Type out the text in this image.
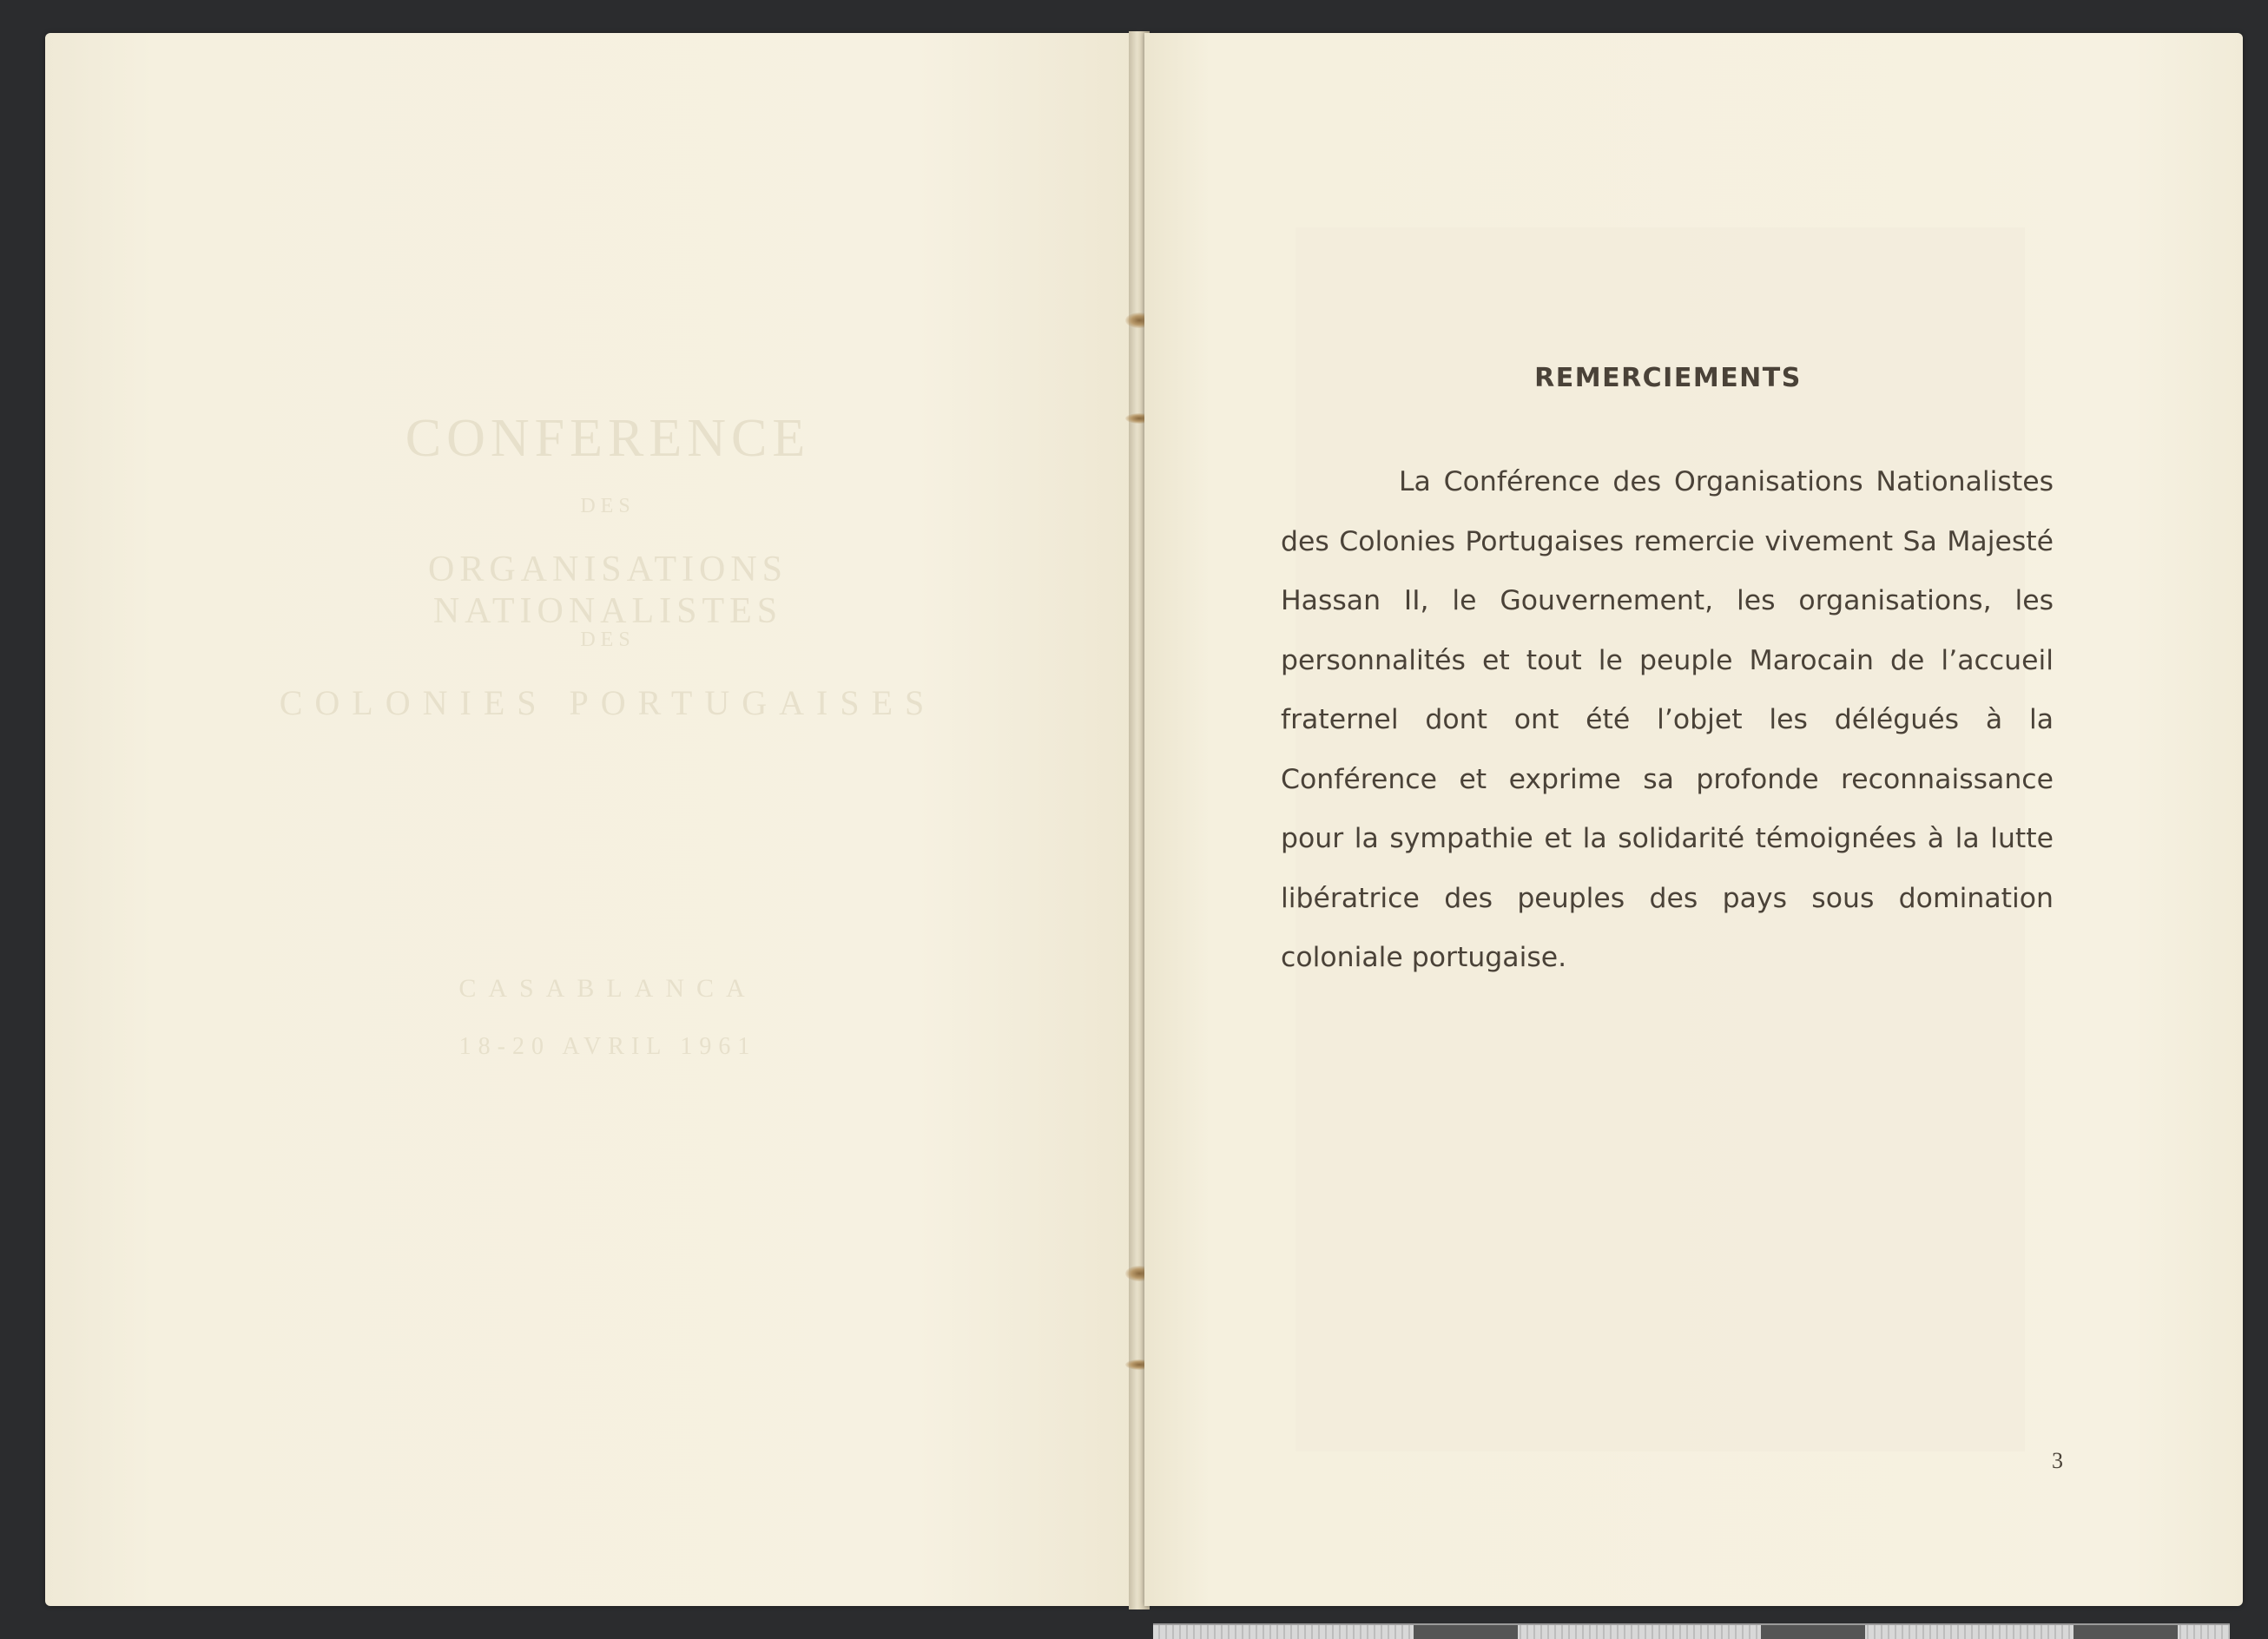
CONFERENCE
DES
ORGANISATIONS NATIONALISTES
DES
COLONIES PORTUGAISES
CASABLANCA
18-20 AVRIL 1961
REMERCIEMENTS

La Conférence des Organisations Nationalistes des Colonies Portugaises remercie vivement Sa Majesté Hassan II, le Gouvernement, les organisations, les personnalités et tout le peuple Marocain de l’accueil fraternel dont ont été l’objet les délégués à la Conférence et exprime sa profonde reconnaissance pour la sympathie et la solidarité témoignées à la lutte libératrice des peuples des pays sous domination coloniale portugaise.

3
